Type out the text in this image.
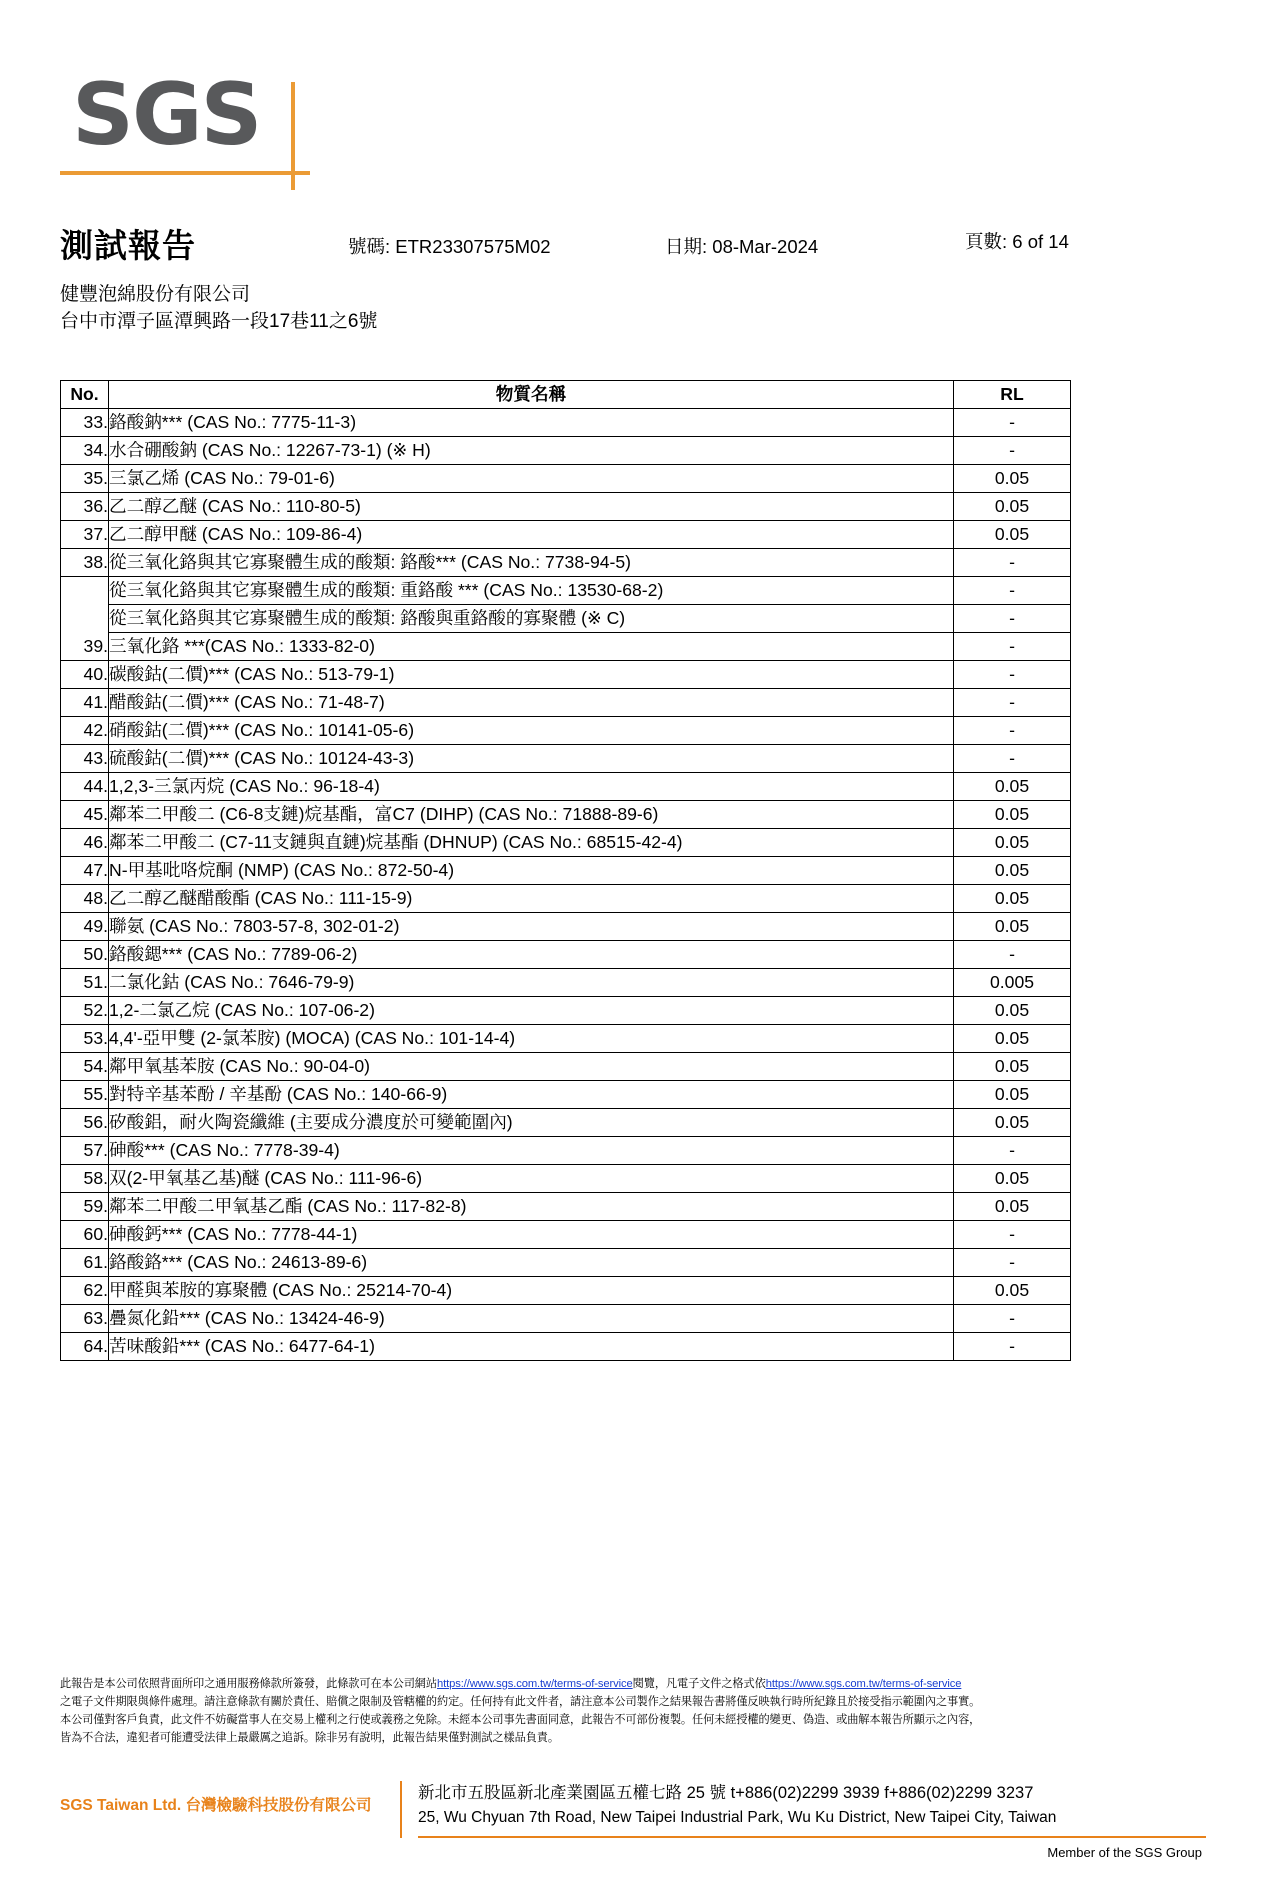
SGS
測試報告	號碼: ETR23307575M02	日期: 08-Mar-2024	頁數: 6 of 14
健豐泡綿股份有限公司
台中市潭子區潭興路一段17巷11之6號
No.	物質名稱	RL
33.	鉻酸鈉*** (CAS No.: 7775-11-3)	-
34.	水合硼酸鈉 (CAS No.: 12267-73-1) (※ H)	-
35.	三氯乙烯 (CAS No.: 79-01-6)	0.05
36.	乙二醇乙醚 (CAS No.: 110-80-5)	0.05
37.	乙二醇甲醚 (CAS No.: 109-86-4)	0.05
38.	從三氧化鉻與其它寡聚體生成的酸類: 鉻酸*** (CAS No.: 7738-94-5)	-
	從三氧化鉻與其它寡聚體生成的酸類: 重鉻酸 *** (CAS No.: 13530-68-2)	-
	從三氧化鉻與其它寡聚體生成的酸類: 鉻酸與重鉻酸的寡聚體 (※ C)	-
39.	三氧化鉻 ***(CAS No.: 1333-82-0)	-
40.	碳酸鈷(二價)*** (CAS No.: 513-79-1)	-
41.	醋酸鈷(二價)*** (CAS No.: 71-48-7)	-
42.	硝酸鈷(二價)*** (CAS No.: 10141-05-6)	-
43.	硫酸鈷(二價)*** (CAS No.: 10124-43-3)	-
44.	1,2,3-三氯丙烷 (CAS No.: 96-18-4)	0.05
45.	鄰苯二甲酸二 (C6-8支鏈)烷基酯，富C7 (DIHP) (CAS No.: 71888-89-6)	0.05
46.	鄰苯二甲酸二 (C7-11支鏈與直鏈)烷基酯 (DHNUP) (CAS No.: 68515-42-4)	0.05
47.	N-甲基吡咯烷酮 (NMP) (CAS No.: 872-50-4)	0.05
48.	乙二醇乙醚醋酸酯 (CAS No.: 111-15-9)	0.05
49.	聯氨 (CAS No.: 7803-57-8, 302-01-2)	0.05
50.	鉻酸鍶*** (CAS No.: 7789-06-2)	-
51.	二氯化鈷 (CAS No.: 7646-79-9)	0.005
52.	1,2-二氯乙烷 (CAS No.: 107-06-2)	0.05
53.	4,4'-亞甲雙 (2-氯苯胺) (MOCA) (CAS No.: 101-14-4)	0.05
54.	鄰甲氧基苯胺 (CAS No.: 90-04-0)	0.05
55.	對特辛基苯酚 / 辛基酚 (CAS No.: 140-66-9)	0.05
56.	矽酸鋁，耐火陶瓷纖維 (主要成分濃度於可變範圍內)	0.05
57.	砷酸*** (CAS No.: 7778-39-4)	-
58.	双(2-甲氧基乙基)醚 (CAS No.: 111-96-6)	0.05
59.	鄰苯二甲酸二甲氧基乙酯 (CAS No.: 117-82-8)	0.05
60.	砷酸鈣*** (CAS No.: 7778-44-1)	-
61.	鉻酸鉻*** (CAS No.: 24613-89-6)	-
62.	甲醛與苯胺的寡聚體 (CAS No.: 25214-70-4)	0.05
63.	疊氮化鉛*** (CAS No.: 13424-46-9)	-
64.	苦味酸鉛*** (CAS No.: 6477-64-1)	-
此報告是本公司依照背面所印之通用服務條款所簽發，此條款可在本公司網站https://www.sgs.com.tw/terms-of-service閱覽，凡電子文件之格式依https://www.sgs.com.tw/terms-of-service
之電子文件期限與條件處理。請注意條款有關於責任、賠償之限制及管轄權的約定。任何持有此文件者，請注意本公司製作之結果報告書將僅反映執行時所紀錄且於接受指示範圍內之事實。
本公司僅對客戶負責，此文件不妨礙當事人在交易上權利之行使或義務之免除。未經本公司事先書面同意，此報告不可部份複製。任何未經授權的變更、偽造、或曲解本報告所顯示之內容，
皆為不合法，違犯者可能遭受法律上最嚴厲之追訴。除非另有說明，此報告結果僅對測試之樣品負責。
SGS Taiwan Ltd. 台灣檢驗科技股份有限公司
新北市五股區新北產業園區五權七路 25 號 t+886(02)2299 3939 f+886(02)2299 3237
25, Wu Chyuan 7th Road, New Taipei Industrial Park, Wu Ku District, New Taipei City, Taiwan
Member of the SGS Group
